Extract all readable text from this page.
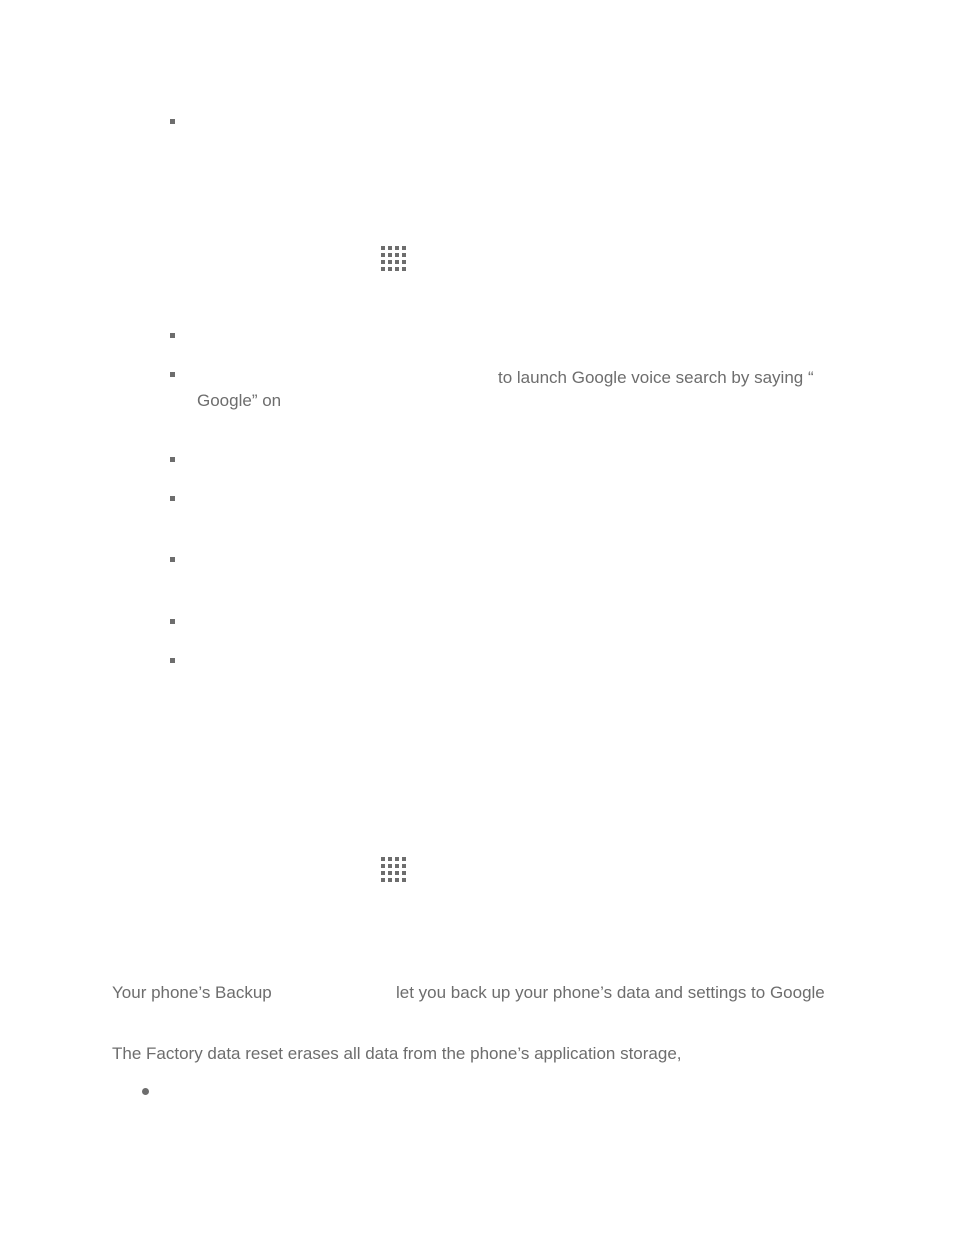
to launch Google voice search by saying “
Google” on
Your phone’s Backup	let you back up your phone’s data and settings to Google
The Factory data reset erases all data from the phone’s application storage,
